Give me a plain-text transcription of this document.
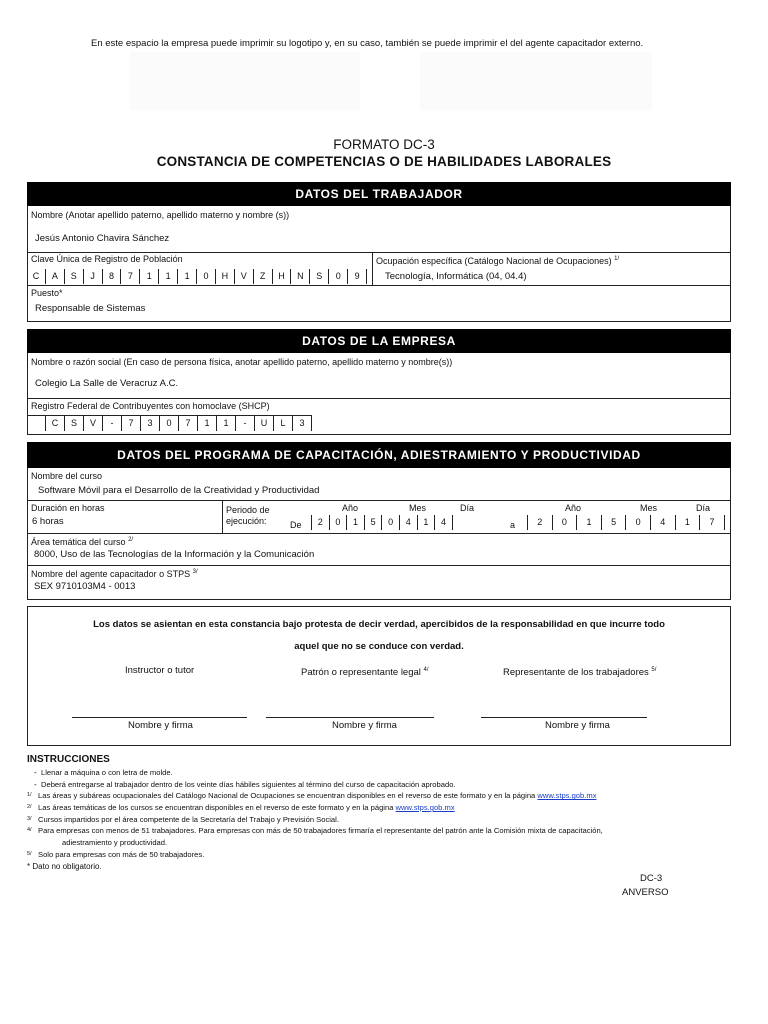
En este espacio la empresa puede imprimir su logotipo y, en su caso, también se puede imprimir el del agente capacitador externo.
FORMATO DC-3
CONSTANCIA DE COMPETENCIAS O DE HABILIDADES LABORALES
DATOS DEL TRABAJADOR
Nombre (Anotar apellido paterno, apellido materno y nombre (s))
Jesús Antonio Chavira Sánchez
Clave Única de Registro de Población
C	A	S	J	8	7	1	1	1	0	H	V	Z	H	N	S	0	9
Ocupación específica (Catálogo Nacional de Ocupaciones) $^{1/}$
Tecnología, Informática (04, 04.4)
Puesto*
Responsable de Sistemas
DATOS DE LA EMPRESA
Nombre o razón social (En caso de persona física, anotar apellido paterno, apellido materno y nombre(s))
Colegio La Salle de Veracruz A.C.
Registro Federal de Contribuyentes con homoclave (SHCP)
C	S	V	-	7	3	0	7	1	1	-	U	L	3
DATOS DEL PROGRAMA DE CAPACITACIÓN, ADIESTRAMIENTO Y PRODUCTIVIDAD
Nombre del curso
Software Móvil para el Desarrollo de la Creatividad y Productividad
Duración en horas
6 horas
Periodo de
ejecución:	De	a
Año	Mes	Día	Año	Mes	Día
2	0	1	5	0	4	1	4	2	0	1	5	0	4	1	7
Área temática del curso $^{2/}$
8000, Uso de las Tecnologías de la Información y la Comunicación
Nombre del agente capacitador o STPS $^{3/}$
SEX 9710103M4 - 0013
Los datos se asientan en esta constancia bajo protesta de decir verdad, apercibidos de la responsabilidad en que incurre todo
aquel que no se conduce con verdad.
Instructor o tutor	Patrón o representante legal $^{4/}$	Representante de los trabajadores $^{5/}$
Nombre y firma	Nombre y firma	Nombre y firma
INSTRUCCIONES
- Llenar a máquina o con letra de molde.
- Deberá entregarse al trabajador dentro de los veinte días hábiles siguientes al término del curso de capacitación aprobado.
1/ Las áreas y subáreas ocupacionales del Catálogo Nacional de Ocupaciones se encuentran disponibles en el reverso de este formato y en la página www.stps.gob.mx
2/ Las áreas temáticas de los cursos se encuentran disponibles en el reverso de este formato y en la página www.stps.gob.mx
3/ Cursos impartidos por el área competente de la Secretaría del Trabajo y Previsión Social.
4/ Para empresas con menos de 51 trabajadores. Para empresas con más de 50 trabajadores firmaría el representante del patrón ante la Comisión mixta de capacitación,
adiestramiento y productividad.
5/ Solo para empresas con más de 50 trabajadores.
* Dato no obligatorio.
DC-3
ANVERSO
